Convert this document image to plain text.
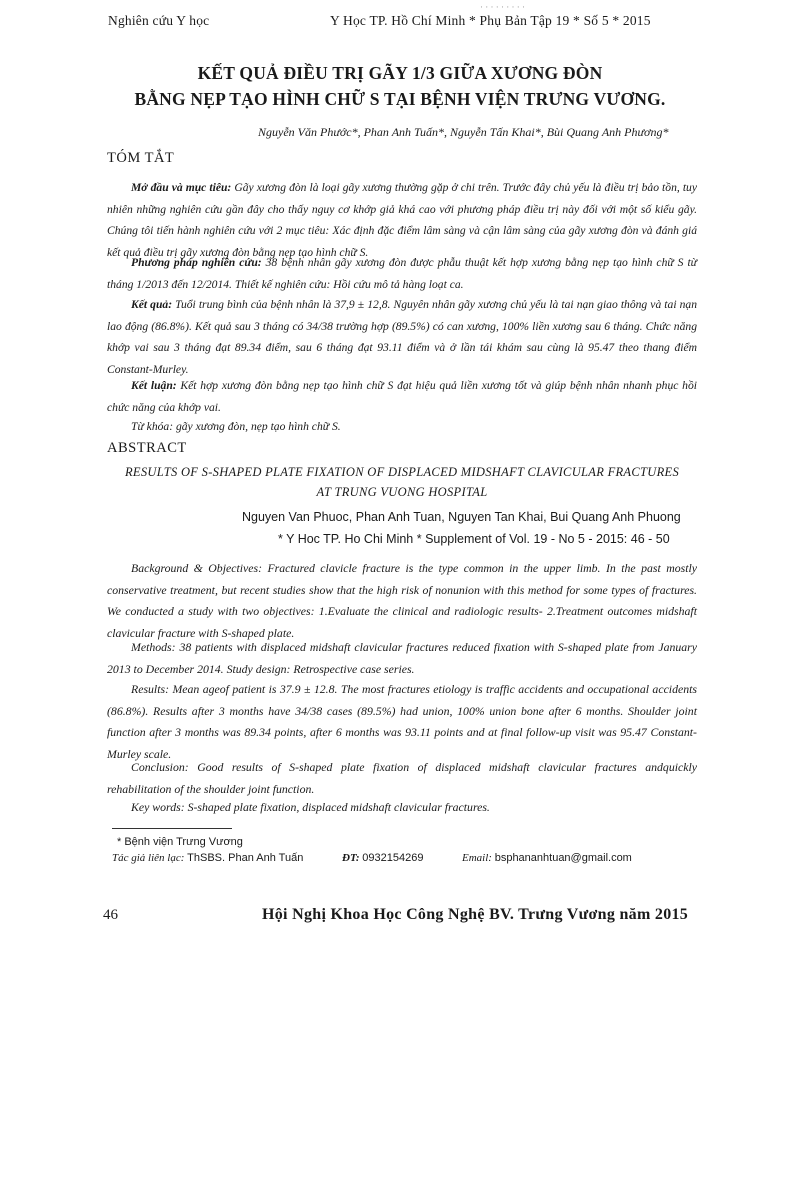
Nghiên cứu Y học
· · · · · · · · ·
Y Học TP. Hồ Chí Minh * Phụ Bản Tập 19 * Số 5 * 2015
KẾT QUẢ ĐIỀU TRỊ GÃY 1/3 GIỮA XƯƠNG ĐÒN
BẰNG NẸP TẠO HÌNH CHỮ S TẠI BỆNH VIỆN TRƯNG VƯƠNG.
Nguyễn Văn Phước*, Phan Anh Tuấn*, Nguyễn Tấn Khai*, Bùi Quang Anh Phương*
TÓM TẮT

Mở đầu và mục tiêu: Gãy xương đòn là loại gãy xương thường gặp ở chi trên. Trước đây chủ yếu là điều trị bảo tồn, tuy nhiên những nghiên cứu gần đây cho thấy nguy cơ khớp giả khá cao với phương pháp điều trị này đối với một số kiểu gãy. Chúng tôi tiến hành nghiên cứu với 2 mục tiêu: Xác định đặc điểm lâm sàng và cận lâm sàng của gãy xương đòn và đánh giá kết quả điều trị gãy xương đòn bằng nẹp tạo hình chữ S.

Phương pháp nghiên cứu: 38 bệnh nhân gãy xương đòn được phẫu thuật kết hợp xương bằng nẹp tạo hình chữ S từ tháng 1/2013 đến 12/2014. Thiết kế nghiên cứu: Hồi cứu mô tả hàng loạt ca.

Kết quả: Tuổi trung bình của bệnh nhân là 37,9 ± 12,8. Nguyên nhân gãy xương chủ yếu là tai nạn giao thông và tai nạn lao động (86.8%). Kết quả sau 3 tháng có 34/38 trường hợp (89.5%) có can xương, 100% liền xương sau 6 tháng. Chức năng khớp vai sau 3 tháng đạt 89.34 điểm, sau 6 tháng đạt 93.11 điểm và ở lần tái khám sau cùng là 95.47 theo thang điểm Constant-Murley.

Kết luận: Kết hợp xương đòn bằng nẹp tạo hình chữ S đạt hiệu quả liền xương tốt và giúp bệnh nhân nhanh phục hồi chức năng của khớp vai.

Từ khóa: gãy xương đòn, nẹp tạo hình chữ S.

ABSTRACT
RESULTS OF S-SHAPED PLATE FIXATION OF DISPLACED MIDSHAFT CLAVICULAR FRACTURES
AT TRUNG VUONG HOSPITAL
Nguyen Van Phuoc, Phan Anh Tuan, Nguyen Tan Khai, Bui Quang Anh Phuong
* Y Hoc TP. Ho Chi Minh * Supplement of Vol. 19 - No 5 - 2015: 46 - 50

Background & Objectives: Fractured clavicle fracture is the type common in the upper limb. In the past mostly conservative treatment, but recent studies show that the high risk of nonunion with this method for some types of fractures. We conducted a study with two objectives: 1.Evaluate the clinical and radiologic results- 2.Treatment outcomes midshaft clavicular fracture with S-shaped plate.

Methods: 38 patients with displaced midshaft clavicular fractures reduced fixation with S-shaped plate from January 2013 to December 2014. Study design: Retrospective case series.

Results: Mean ageof patient is 37.9 ± 12.8. The most fractures etiology is traffic accidents and occupational accidents (86.8%). Results after 3 months have 34/38 cases (89.5%) had union, 100% union bone after 6 months. Shoulder joint function after 3 months was 89.34 points, after 6 months was 93.11 points and at final follow-up visit was 95.47 Constant-Murley scale.

Conclusion: Good results of S-shaped plate fixation of displaced midshaft clavicular fractures andquickly rehabilitation of the shoulder joint function.

Key words: S-shaped plate fixation, displaced midshaft clavicular fractures.

* Bệnh viện Trưng Vương
Tác giả liên lạc: ThSBS. Phan Anh Tuấn	ĐT: 0932154269	Email: bsphananhtuan@gmail.com
46	Hội Nghị Khoa Học Công Nghệ BV. Trưng Vương năm 2015
